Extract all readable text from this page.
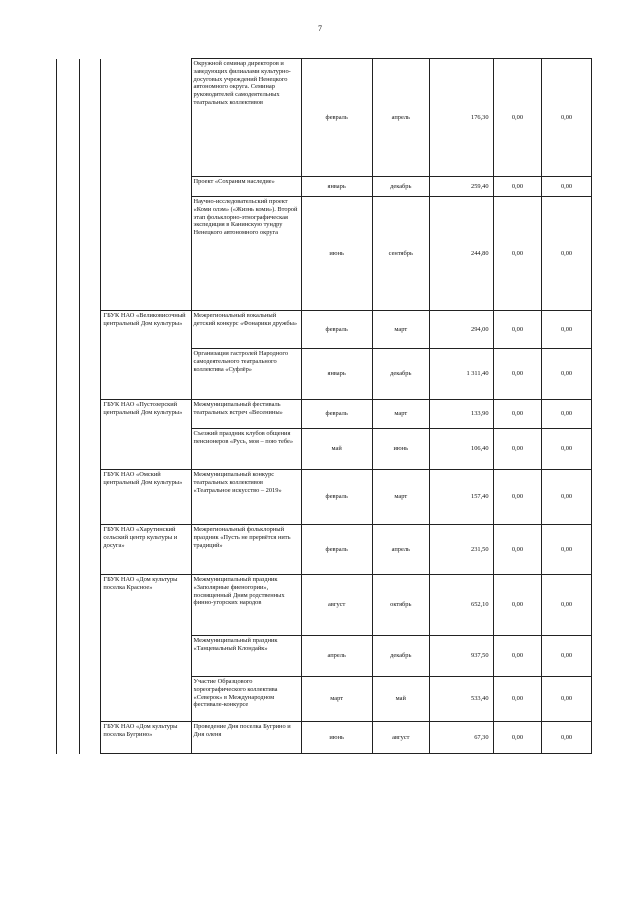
7
			Окружной семинар директоров и заведующих филиалами культурно-досуговых учреждений Ненецкого автономного округа. Семинар руководителей самодеятельных театральных коллективов	февраль	апрель	176,30	0,00	0,00
			Проект «Сохраним наследие»	январь	декабрь	259,40	0,00	0,00
			Научно-исследовательский проект «Коми олэм» («Жизнь коми»). Второй этап фольклорно-этнографическая экспедиция в Канинскую тундру Ненецкого автономного округа	июнь	сентябрь	244,80	0,00	0,00
		ГБУК НАО «Великовисочный центральный Дом культуры»	Межрегиональный вокальный детский конкурс «Фонарики дружбы»	февраль	март	294,00	0,00	0,00
			Организация гастролей Народного самодеятельного театрального коллектива «Суфлёр»	январь	декабрь	1 311,40	0,00	0,00
		ГБУК НАО «Пустозерский центральный Дом культуры»	Межмуниципальный фестиваль театральных встреч «Весенины»	февраль	март	133,90	0,00	0,00
			Съезжий праздник клубов общения пенсионеров «Русь, моя – пою тебе»	май	июнь	106,40	0,00	0,00
		ГБУК НАО «Омский центральный Дом культуры»	Межмуниципальный конкурс театральных коллективов «Театральное искусство – 2019»	февраль	март	157,40	0,00	0,00
		ГБУК НАО «Харутинский сельский центр культуры и досуга»	Межрегиональный фольклорный праздник «Пусть не прервётся нить традиций»	февраль	апрель	231,50	0,00	0,00
		ГБУК НАО «Дом культуры поселка Красное»	Межмуниципальный праздник «Заполярные фиеногории», посвященный Дням родственных финно-угорских народов	август	октябрь	652,10	0,00	0,00
			Межмуниципальный праздник «Танцевальный Клондайк»	апрель	декабрь	937,50	0,00	0,00
			Участие Образцового хореографического коллектива «Северок» в Международном фестивале-конкурсе	март	май	533,40	0,00	0,00
		ГБУК НАО «Дом культуры поселка Бугрино»	Проведение Дня поселка Бугрино и Дня оленя	июнь	август	67,30	0,00	0,00
